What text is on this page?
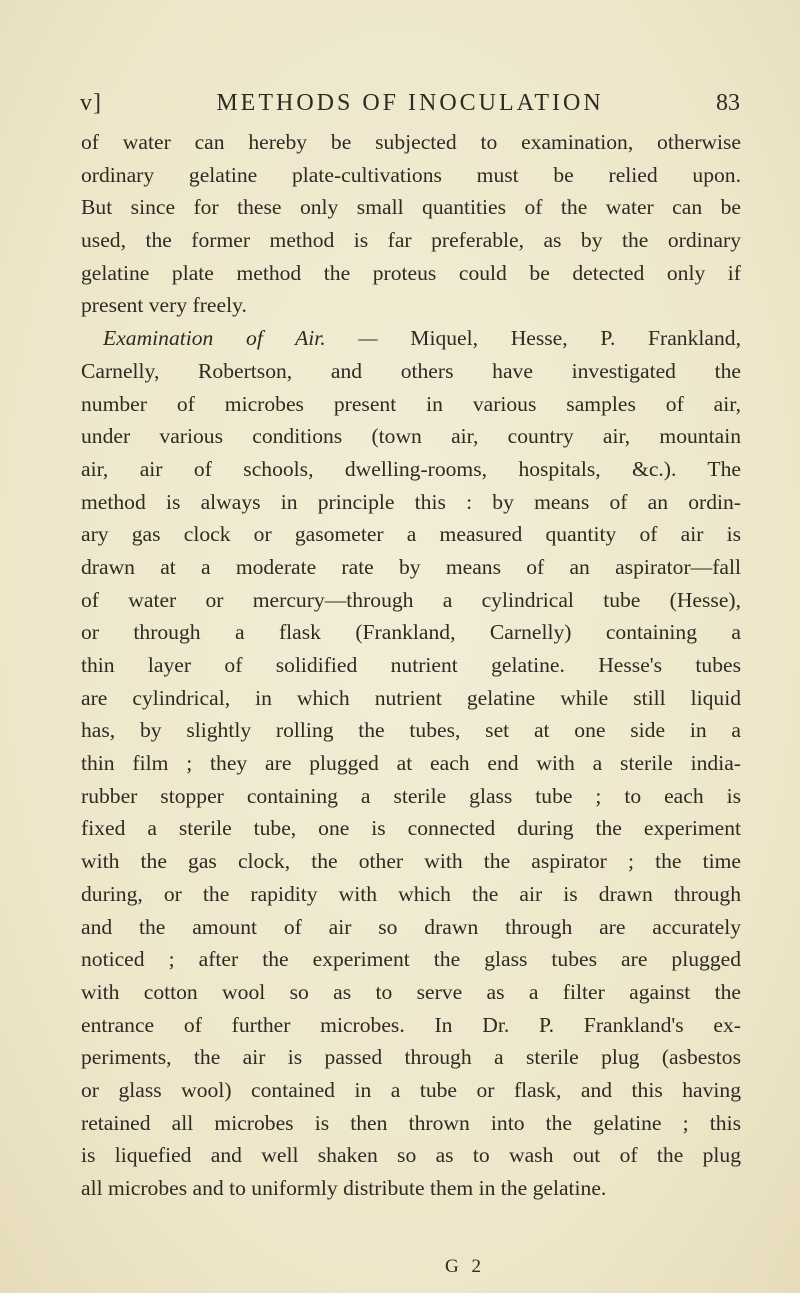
v]	METHODS OF INOCULATION	83
of water can hereby be subjected to examination, otherwise
ordinary gelatine plate-cultivations must be relied upon.
But since for these only small quantities of the water can be
used, the former method is far preferable, as by the ordinary
gelatine plate method the proteus could be detected only if
present very freely.
Examination of Air. — Miquel, Hesse, P. Frankland,
Carnelly, Robertson, and others have investigated the
number of microbes present in various samples of air,
under various conditions (town air, country air, mountain
air, air of schools, dwelling-rooms, hospitals, &c.). The
method is always in principle this : by means of an ordin-
ary gas clock or gasometer a measured quantity of air is
drawn at a moderate rate by means of an aspirator—fall
of water or mercury—through a cylindrical tube (Hesse),
or through a flask (Frankland, Carnelly) containing a
thin layer of solidified nutrient gelatine. Hesse's tubes
are cylindrical, in which nutrient gelatine while still liquid
has, by slightly rolling the tubes, set at one side in a
thin film ; they are plugged at each end with a sterile india-
rubber stopper containing a sterile glass tube ; to each is
fixed a sterile tube, one is connected during the experiment
with the gas clock, the other with the aspirator ; the time
during, or the rapidity with which the air is drawn through
and the amount of air so drawn through are accurately
noticed ; after the experiment the glass tubes are plugged
with cotton wool so as to serve as a filter against the
entrance of further microbes. In Dr. P. Frankland's ex-
periments, the air is passed through a sterile plug (asbestos
or glass wool) contained in a tube or flask, and this having
retained all microbes is then thrown into the gelatine ; this
is liquefied and well shaken so as to wash out of the plug
all microbes and to uniformly distribute them in the gelatine.
G 2
